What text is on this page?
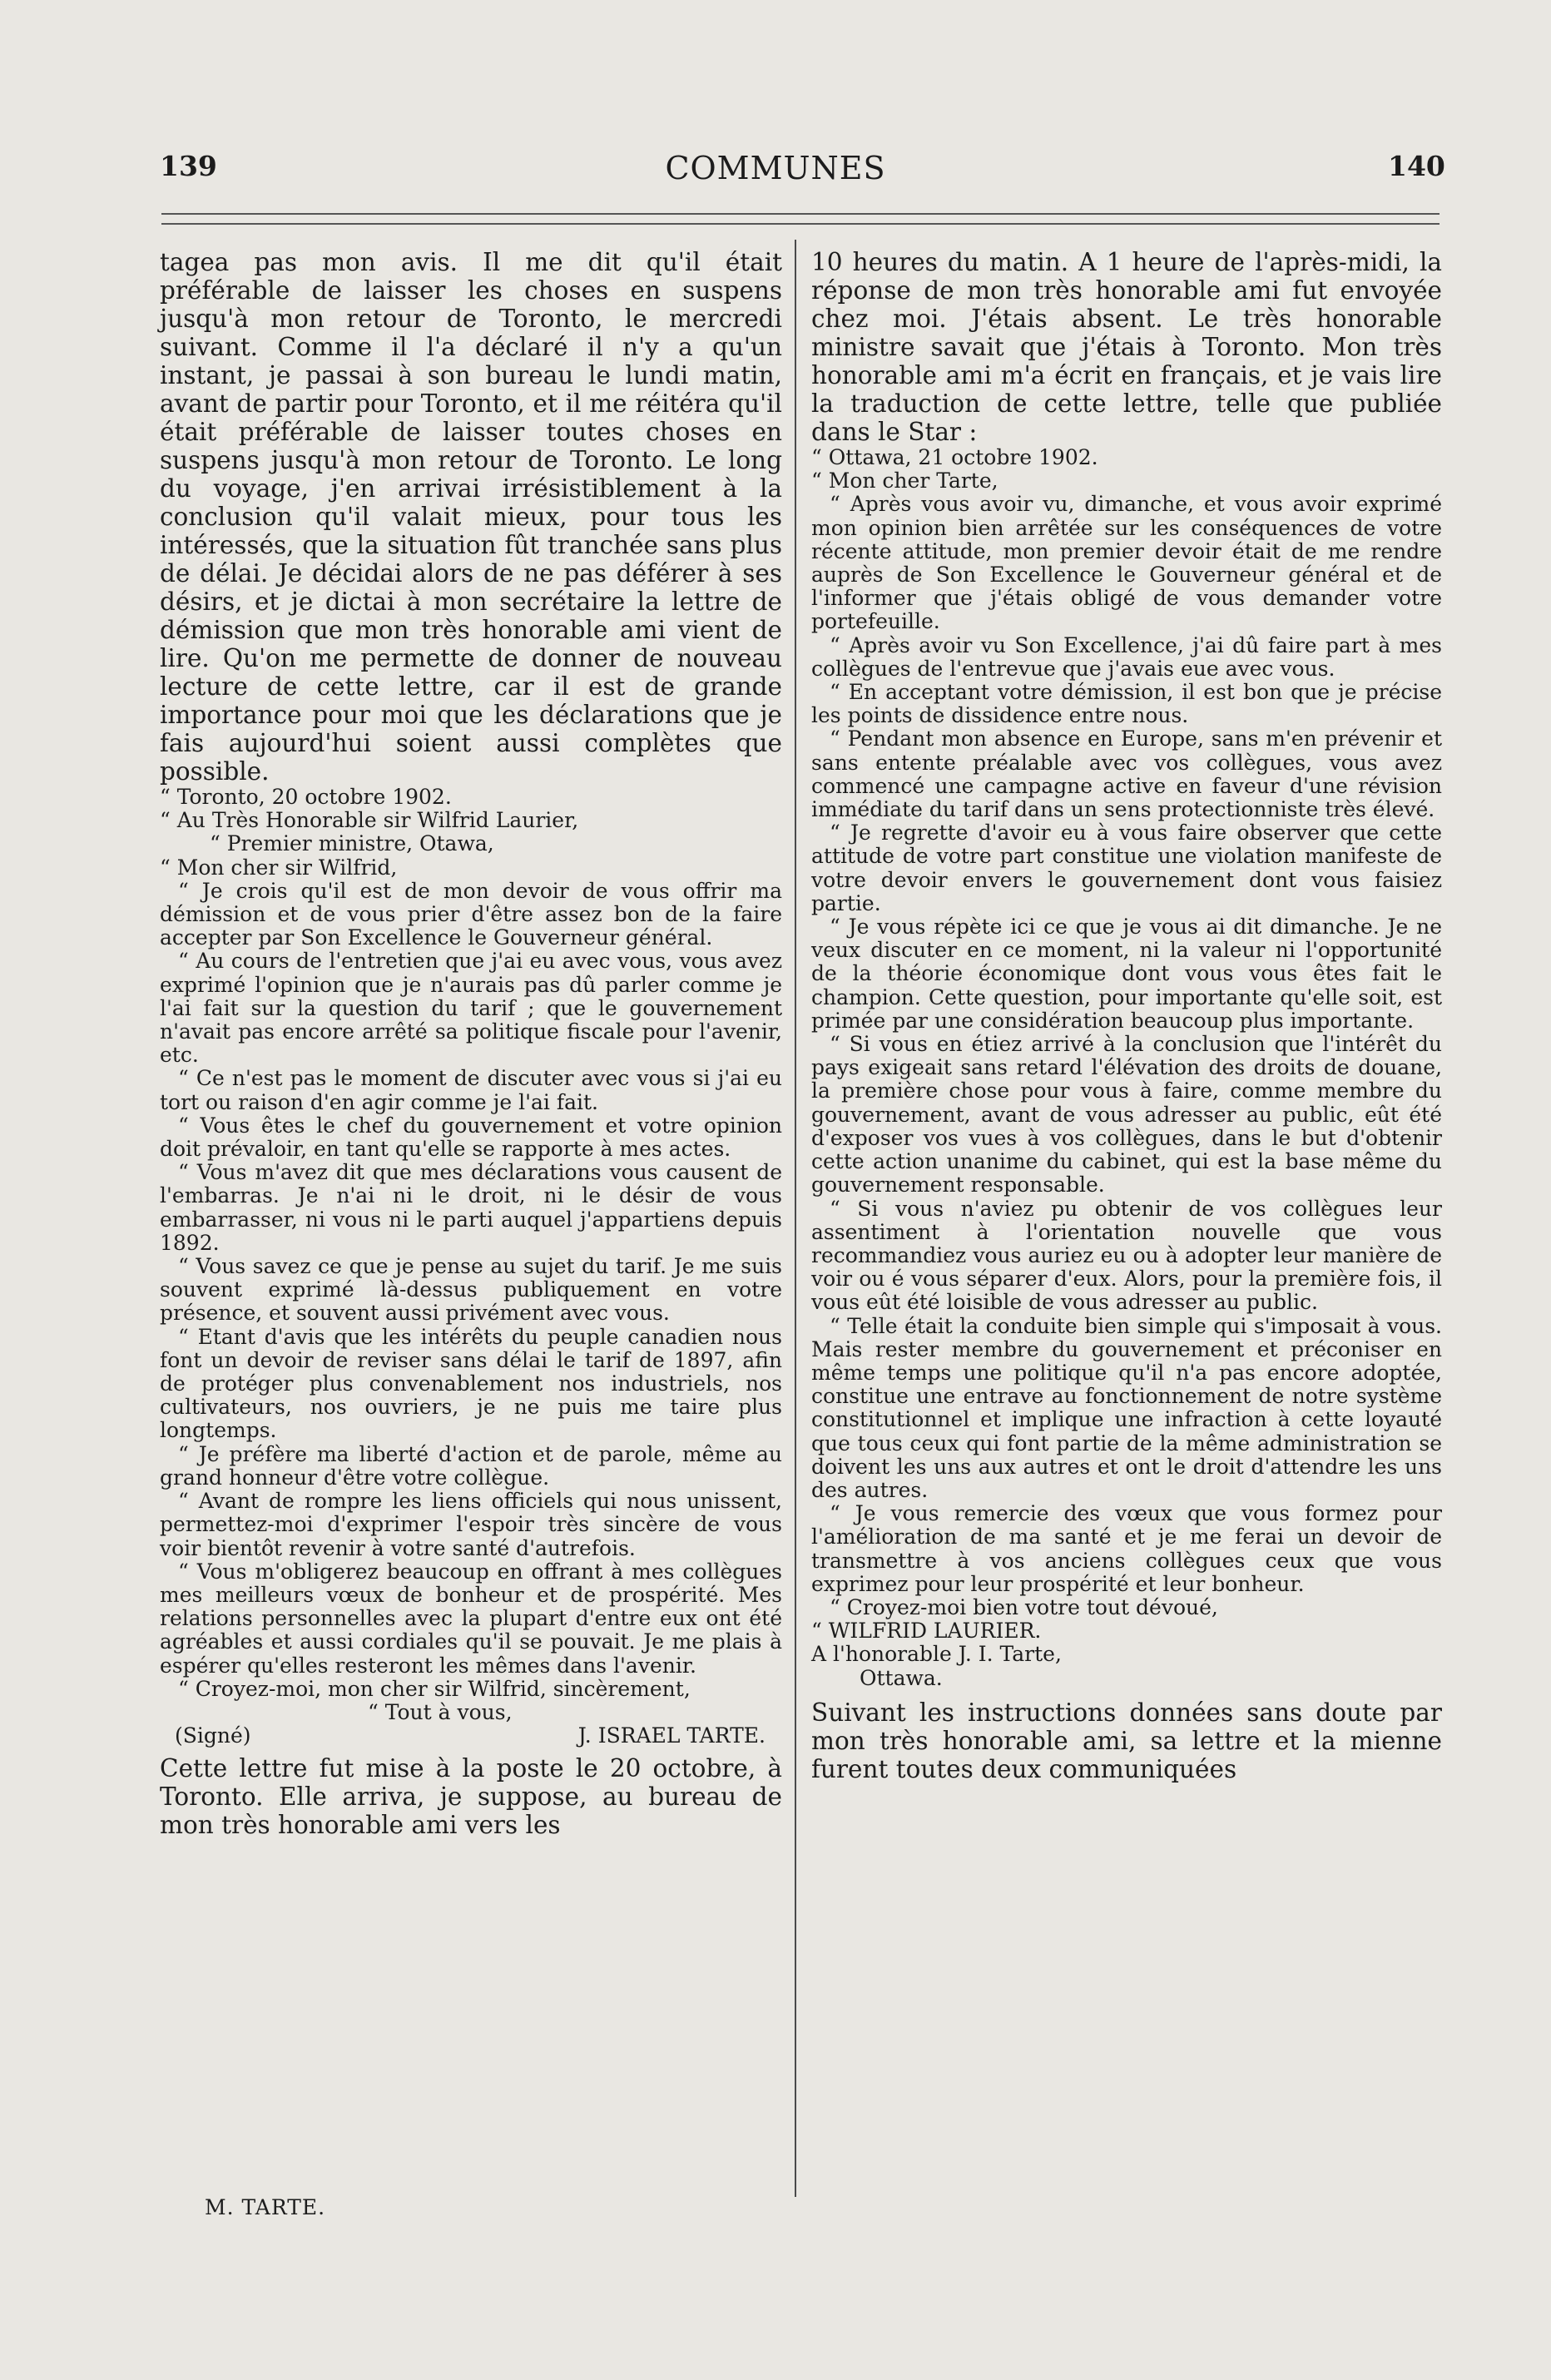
139	COMMUNES	140

tagea pas mon avis. Il me dit qu'il était préférable de laisser les choses en suspens jusqu'à mon retour de Toronto, le mercredi suivant. Comme il l'a déclaré il n'y a qu'un instant, je passai à son bureau le lundi matin, avant de partir pour Toronto, et il me réitéra qu'il était préférable de laisser toutes choses en suspens jusqu'à mon retour de Toronto. Le long du voyage, j'en arrivai irrésistiblement à la conclusion qu'il valait mieux, pour tous les intéressés, que la situation fût tranchée sans plus de délai. Je décidai alors de ne pas déférer à ses désirs, et je dictai à mon secrétaire la lettre de démission que mon très honorable ami vient de lire. Qu'on me permette de donner de nouveau lecture de cette lettre, car il est de grande importance pour moi que les déclarations que je fais aujourd'hui soient aussi complètes que possible.

“ Toronto, 20 octobre 1902.

“ Au Très Honorable sir Wilfrid Laurier,

“ Premier ministre, Otawa,

“ Mon cher sir Wilfrid,

“ Je crois qu'il est de mon devoir de vous offrir ma démission et de vous prier d'être assez bon de la faire accepter par Son Excellence le Gouverneur général.

“ Au cours de l'entretien que j'ai eu avec vous, vous avez exprimé l'opinion que je n'aurais pas dû parler comme je l'ai fait sur la question du tarif ; que le gouvernement n'avait pas encore arrêté sa politique fiscale pour l'avenir, etc.

“ Ce n'est pas le moment de discuter avec vous si j'ai eu tort ou raison d'en agir comme je l'ai fait.

“ Vous êtes le chef du gouvernement et votre opinion doit prévaloir, en tant qu'elle se rapporte à mes actes.

“ Vous m'avez dit que mes déclarations vous causent de l'embarras. Je n'ai ni le droit, ni le désir de vous embarrasser, ni vous ni le parti auquel j'appartiens depuis 1892.

“ Vous savez ce que je pense au sujet du tarif. Je me suis souvent exprimé là-dessus publiquement en votre présence, et souvent aussi privément avec vous.

“ Etant d'avis que les intérêts du peuple canadien nous font un devoir de reviser sans délai le tarif de 1897, afin de protéger plus convenablement nos industriels, nos cultivateurs, nos ouvriers, je ne puis me taire plus longtemps.

“ Je préfère ma liberté d'action et de parole, même au grand honneur d'être votre collègue.

“ Avant de rompre les liens officiels qui nous unissent, permettez-moi d'exprimer l'espoir très sincère de vous voir bientôt revenir à votre santé d'autrefois.

“ Vous m'obligerez beaucoup en offrant à mes collègues mes meilleurs vœux de bonheur et de prospérité. Mes relations personnelles avec la plupart d'entre eux ont été agréables et aussi cordiales qu'il se pouvait. Je me plais à espérer qu'elles resteront les mêmes dans l'avenir.

“ Croyez-moi, mon cher sir Wilfrid, sincèrement,

“ Tout à vous,

(Signé)	J. ISRAEL TARTE.

Cette lettre fut mise à la poste le 20 octobre, à Toronto. Elle arriva, je suppose, au bureau de mon très honorable ami vers les

10 heures du matin. A 1 heure de l'après-midi, la réponse de mon très honorable ami fut envoyée chez moi. J'étais absent. Le très honorable ministre savait que j'étais à Toronto. Mon très honorable ami m'a écrit en français, et je vais lire la traduction de cette lettre, telle que publiée dans le Star :

“ Ottawa, 21 octobre 1902.

“ Mon cher Tarte,

“ Après vous avoir vu, dimanche, et vous avoir exprimé mon opinion bien arrêtée sur les conséquences de votre récente attitude, mon premier devoir était de me rendre auprès de Son Excellence le Gouverneur général et de l'informer que j'étais obligé de vous demander votre portefeuille.

“ Après avoir vu Son Excellence, j'ai dû faire part à mes collègues de l'entrevue que j'avais eue avec vous.

“ En acceptant votre démission, il est bon que je précise les points de dissidence entre nous.

“ Pendant mon absence en Europe, sans m'en prévenir et sans entente préalable avec vos collègues, vous avez commencé une campagne active en faveur d'une révision immédiate du tarif dans un sens protectionniste très élevé.

“ Je regrette d'avoir eu à vous faire observer que cette attitude de votre part constitue une violation manifeste de votre devoir envers le gouvernement dont vous faisiez partie.

“ Je vous répète ici ce que je vous ai dit dimanche. Je ne veux discuter en ce moment, ni la valeur ni l'opportunité de la théorie économique dont vous vous êtes fait le champion. Cette question, pour importante qu'elle soit, est primée par une considération beaucoup plus importante.

“ Si vous en étiez arrivé à la conclusion que l'intérêt du pays exigeait sans retard l'élévation des droits de douane, la première chose pour vous à faire, comme membre du gouvernement, avant de vous adresser au public, eût été d'exposer vos vues à vos collègues, dans le but d'obtenir cette action unanime du cabinet, qui est la base même du gouvernement responsable.

“ Si vous n'aviez pu obtenir de vos collègues leur assentiment à l'orientation nouvelle que vous recommandiez vous auriez eu ou à adopter leur manière de voir ou é vous séparer d'eux. Alors, pour la première fois, il vous eût été loisible de vous adresser au public.

“ Telle était la conduite bien simple qui s'imposait à vous. Mais rester membre du gouvernement et préconiser en même temps une politique qu'il n'a pas encore adoptée, constitue une entrave au fonctionnement de notre système constitutionnel et implique une infraction à cette loyauté que tous ceux qui font partie de la même administration se doivent les uns aux autres et ont le droit d'attendre les uns des autres.

“ Je vous remercie des vœux que vous formez pour l'amélioration de ma santé et je me ferai un devoir de transmettre à vos anciens collègues ceux que vous exprimez pour leur prospérité et leur bonheur.

“ Croyez-moi bien votre tout dévoué,

“ WILFRID LAURIER.

A l'honorable J. I. Tarte,

Ottawa.

Suivant les instructions données sans doute par mon très honorable ami, sa lettre et la mienne furent toutes deux communiquées

M. TARTE.
